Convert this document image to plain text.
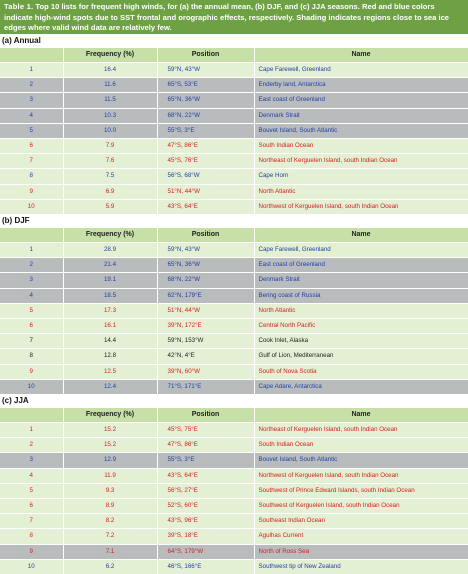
Table 1. Top 10 lists for frequent high winds, for (a) the annual mean, (b) DJF, and (c) JJA seasons. Red and blue colors indicate high-wind spots due to SST frontal and orographic effects, respectively. Shading indicates regions close to sea ice edges where valid wind data are relatively few.
(a) Annual
	Frequency (%)	Position	Name
1	16.4	59°N, 43°W	Cape Farewell, Greenland
2	11.6	65°S, 53°E	Enderby land, Antarctica
3	11.5	65°N, 36°W	East coast of Greenland
4	10.3	68°N, 22°W	Denmark Strait
5	10.0	55°S, 3°E	Bouvet Island, South Atlantic
6	7.9	47°S, 86°E	South Indian Ocean
7	7.6	45°S, 76°E	Northeast of Kerguelen Island, south Indian Ocean
8	7.5	56°S, 68°W	Cape Horn
9	6.9	51°N, 44°W	North Atlantic
10	5.9	43°S, 64°E	Northwest of Kerguelen Island, south Indian Ocean
(b) DJF
	Frequency (%)	Position	Name
1	28.9	59°N, 43°W	Cape Farewell, Greenland
2	21.4	65°N, 36°W	East coast of Greenland
3	19.1	68°N, 22°W	Denmark Strait
4	18.5	62°N, 179°E	Bering coast of Russia
5	17.3	51°N, 44°W	North Atlantic
6	16.1	39°N, 172°E	Central North Pacific
7	14.4	59°N, 153°W	Cook Inlet, Alaska
8	12.8	42°N, 4°E	Gulf of Lion, Mediterranean
9	12.5	39°N, 60°W	South of Nova Scotia
10	12.4	71°S, 171°E	Cape Adare, Antarctica
(c) JJA
	Frequency (%)	Position	Name
1	15.2	45°S, 75°E	Northeast of Kerguelen Island, south Indian Ocean
2	15.2	47°S, 86°E	South Indian Ocean
3	12.9	55°S, 3°E	Bouvet Island, South Atlantic
4	11.9	43°S, 64°E	Northwest of Kerguelen Island, south Indian Ocean
5	9.3	56°S, 27°E	Southwest of Prince Edward Islands, south Indian Ocean
6	8.9	52°S, 60°E	Southwest of Kerguelen Island, south Indian Ocean
7	8.2	43°S, 96°E	Southeast Indian Ocean
8	7.2	39°S, 18°E	Agulhas Current
9	7.1	64°S, 179°W	North of Ross Sea
10	6.2	46°S, 166°E	Southwest tip of New Zealand
